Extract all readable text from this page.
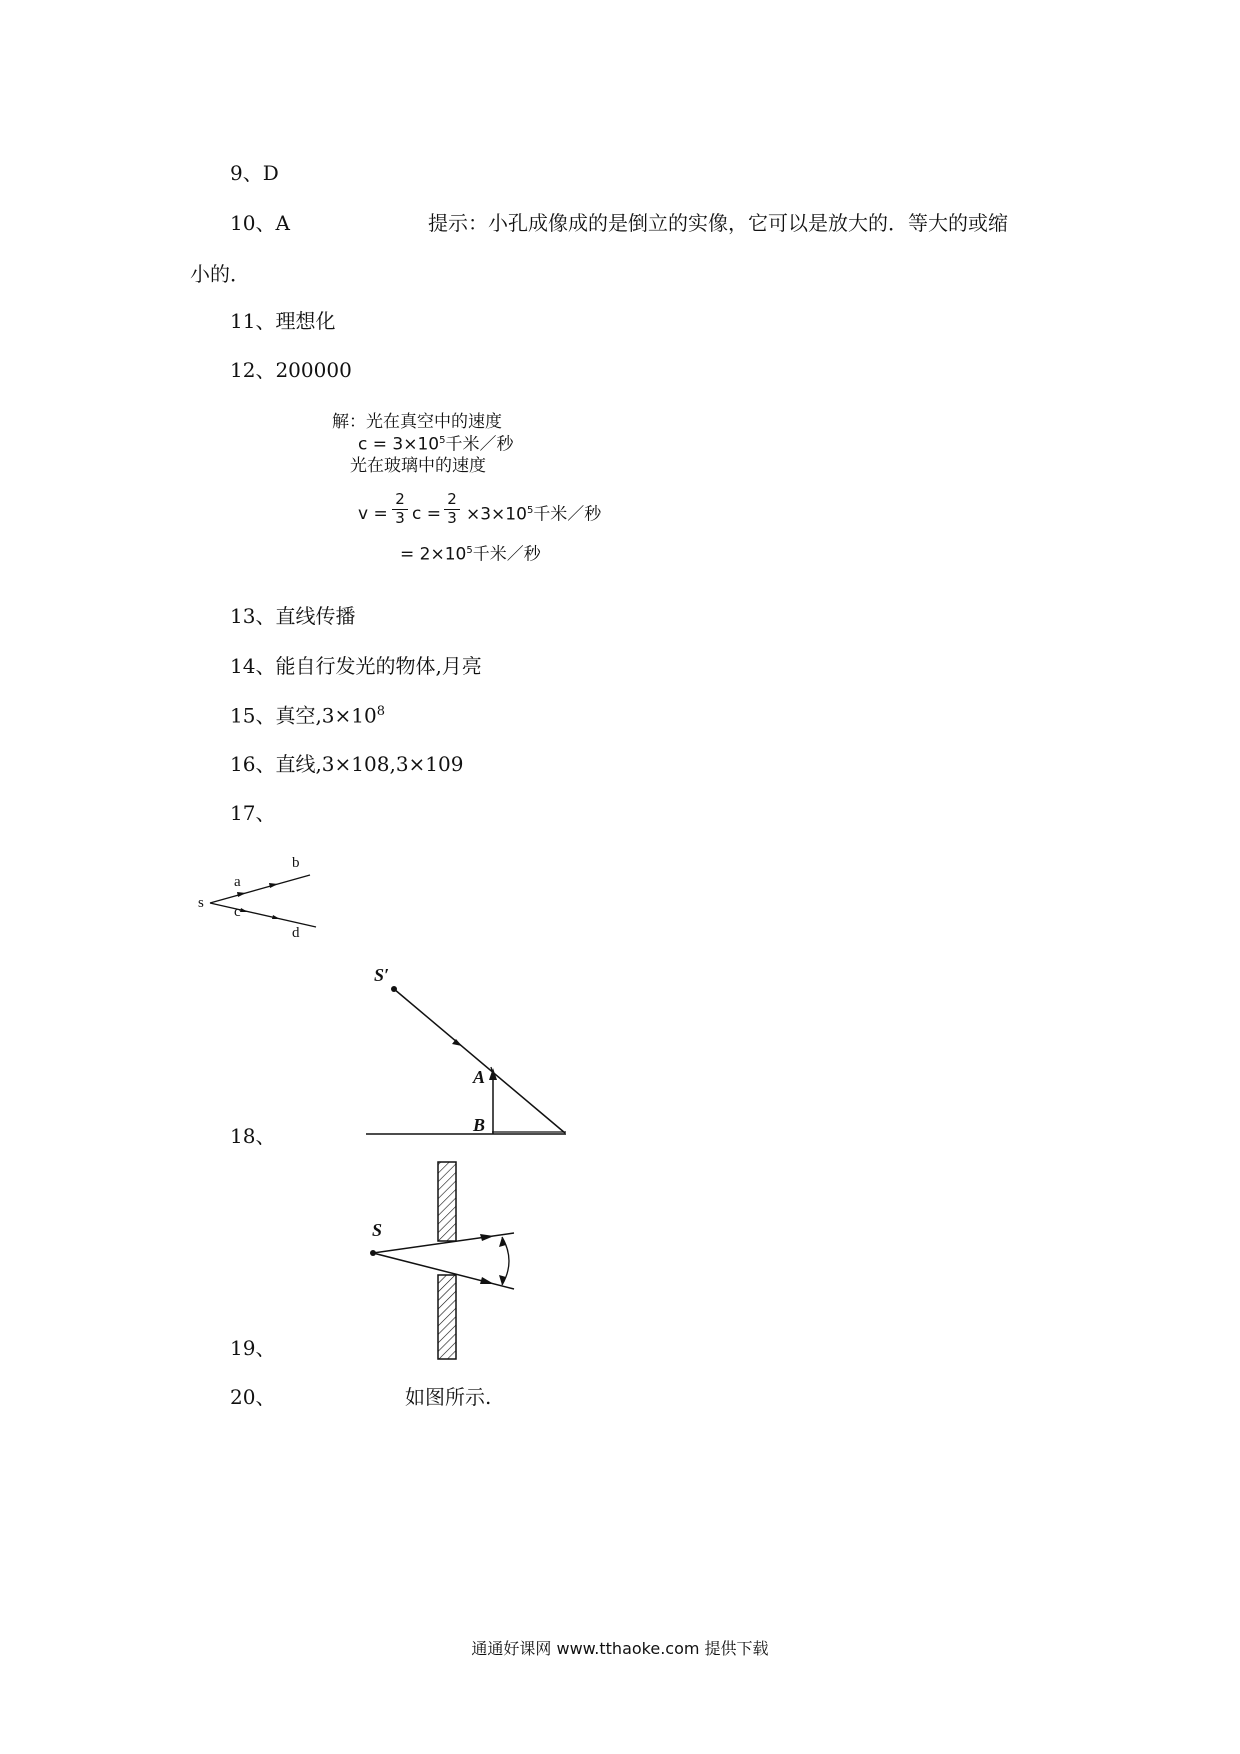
9、D
10、A	提示：小孔成像成的是倒立的实像，它可以是放大的．等大的或缩
小的．
11、理想化
12、200000
解：光在真空中的速度
$c = 3\times 10^5$千米／秒
光在玻璃中的速度
v =
2
3 c =
2
$3 \times 3\times 10^5$千米／秒
= $2\times 10^5$千米／秒
13、直线传播
14、能自行发光的物体,月亮
15、真空$,3\times 10^8$
16、直线,3×108,3×109
17、
s
a
b
c
d
S′
A
B
18、
S
19、
20、	如图所示.
通通好课网 www.tthaoke.com 提供下载
